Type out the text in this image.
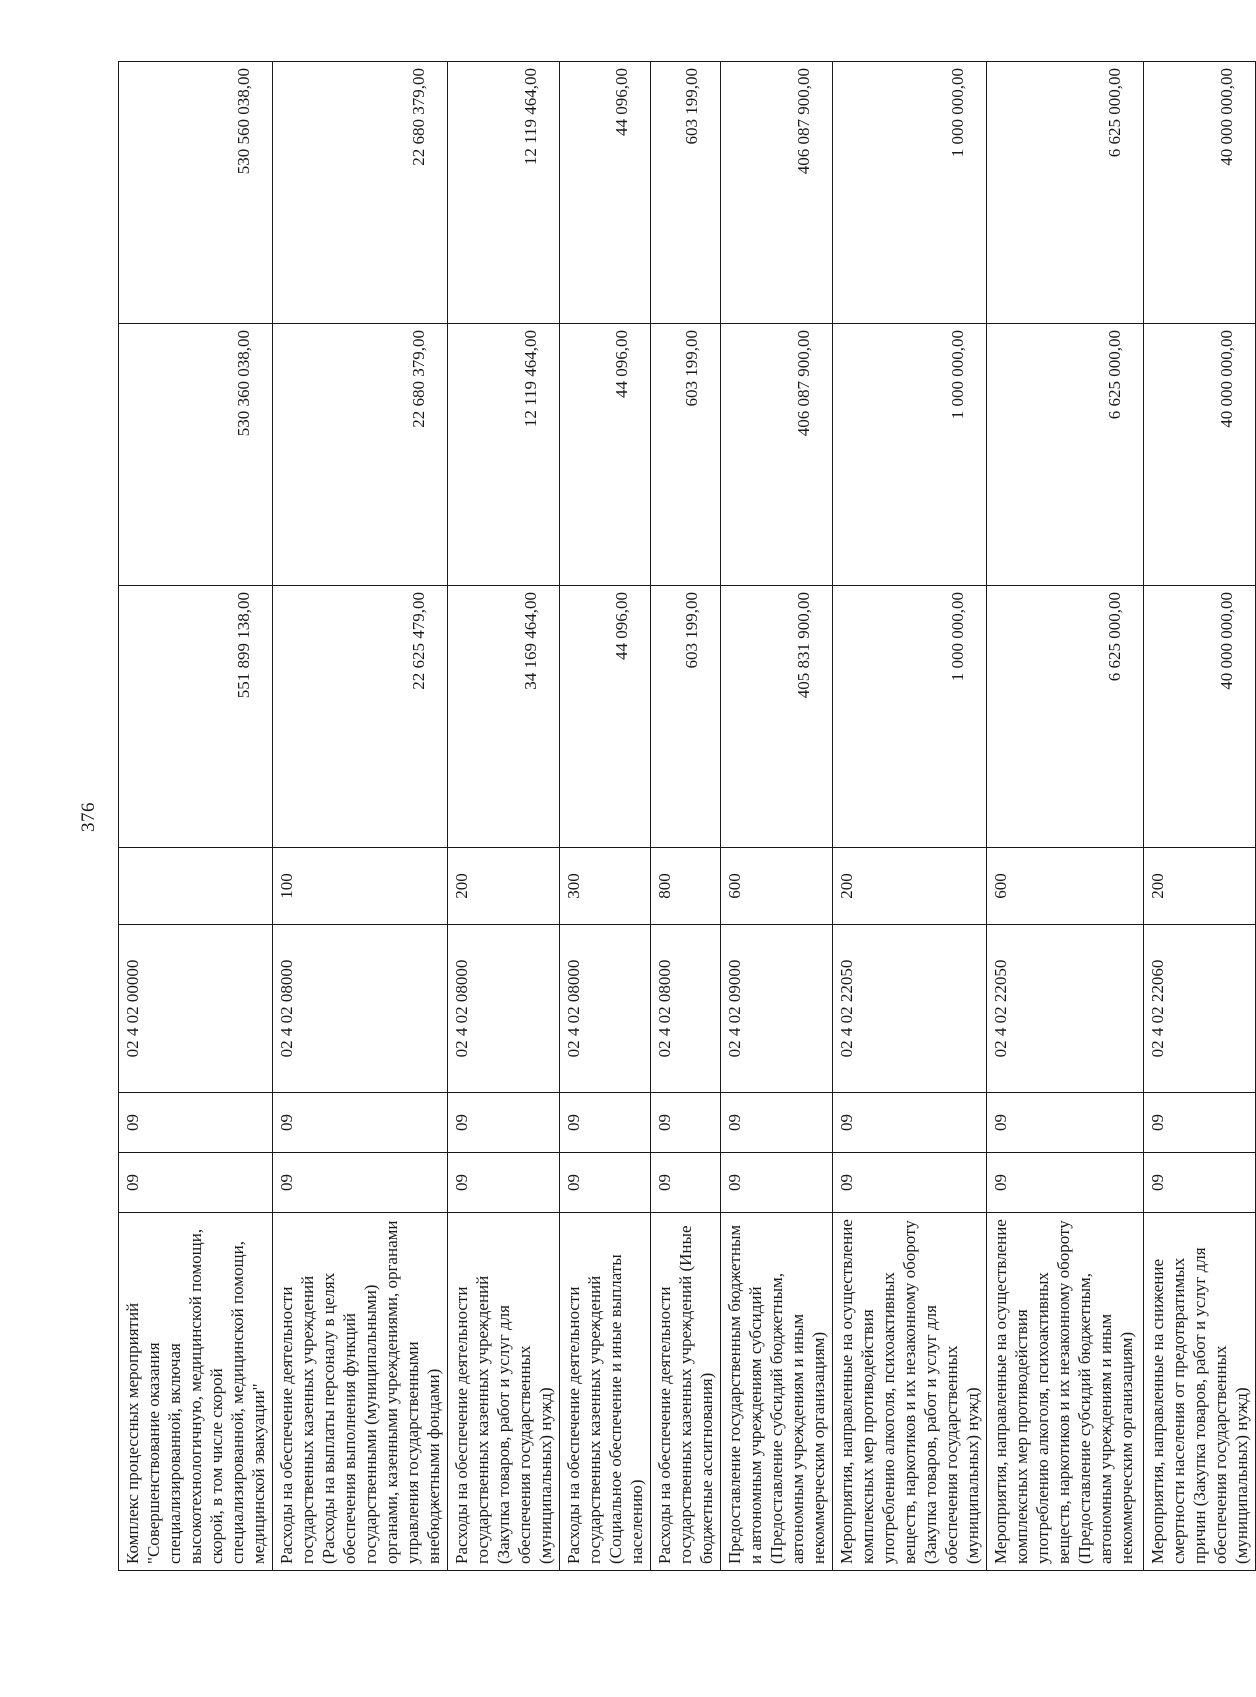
376
Комплекс процессных мероприятий "Совершенствование оказания специализированной, включая высокотехнологичную, медицинской помощи, скорой, в том числе скорой специализированной, медицинской помощи, медицинской эвакуации"	09	09	02 4 02 00000		551 899 138,00	530 360 038,00	530 560 038,00
Расходы на обеспечение деятельности государственных казенных учреждений (Расходы на выплаты персоналу в целях обеспечения выполнения функций государственными (муниципальными) органами, казенными учреждениями, органами управления государственными внебюджетными фондами)	09	09	02 4 02 08000	100	22 625 479,00	22 680 379,00	22 680 379,00
Расходы на обеспечение деятельности государственных казенных учреждений (Закупка товаров, работ и услуг для обеспечения государственных (муниципальных) нужд)	09	09	02 4 02 08000	200	34 169 464,00	12 119 464,00	12 119 464,00
Расходы на обеспечение деятельности государственных казенных учреждений (Социальное обеспечение и иные выплаты населению)	09	09	02 4 02 08000	300	44 096,00	44 096,00	44 096,00
Расходы на обеспечение деятельности государственных казенных учреждений (Иные бюджетные ассигнования)	09	09	02 4 02 08000	800	603 199,00	603 199,00	603 199,00
Предоставление государственным бюджетным и автономным учреждениям субсидий (Предоставление субсидий бюджетным, автономным учреждениям и иным некоммерческим организациям)	09	09	02 4 02 09000	600	405 831 900,00	406 087 900,00	406 087 900,00
Мероприятия, направленные на осуществление комплексных мер противодействия употреблению алкоголя, психоактивных веществ, наркотиков и их незаконному обороту (Закупка товаров, работ и услуг для обеспечения государственных (муниципальных) нужд)	09	09	02 4 02 22050	200	1 000 000,00	1 000 000,00	1 000 000,00
Мероприятия, направленные на осуществление комплексных мер противодействия употреблению алкоголя, психоактивных веществ, наркотиков и их незаконному обороту (Предоставление субсидий бюджетным, автономным учреждениям и иным некоммерческим организациям)	09	09	02 4 02 22050	600	6 625 000,00	6 625 000,00	6 625 000,00
Мероприятия, направленные на снижение смертности населения от предотвратимых причин (Закупка товаров, работ и услуг для обеспечения государственных (муниципальных) нужд)	09	09	02 4 02 22060	200	40 000 000,00	40 000 000,00	40 000 000,00
